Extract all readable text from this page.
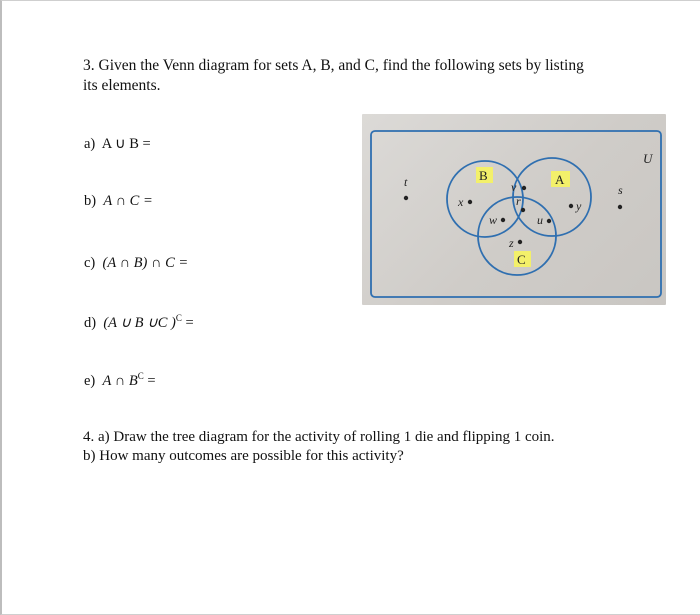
3. Given the Venn diagram for sets A, B, and C, find the following sets by listing
its elements.
a) A ∪ B =
b) A ∩ C =
c) (A ∩ B) ∩ C =
d) (A ∪ B ∪C )$^C$ =
e) A ∩ $B^C$ =
U
B	A
C
t
x
v
r
w	u
y
z
s
4. a) Draw the tree diagram for the activity of rolling 1 die and flipping 1 coin.
b) How many outcomes are possible for this activity?
